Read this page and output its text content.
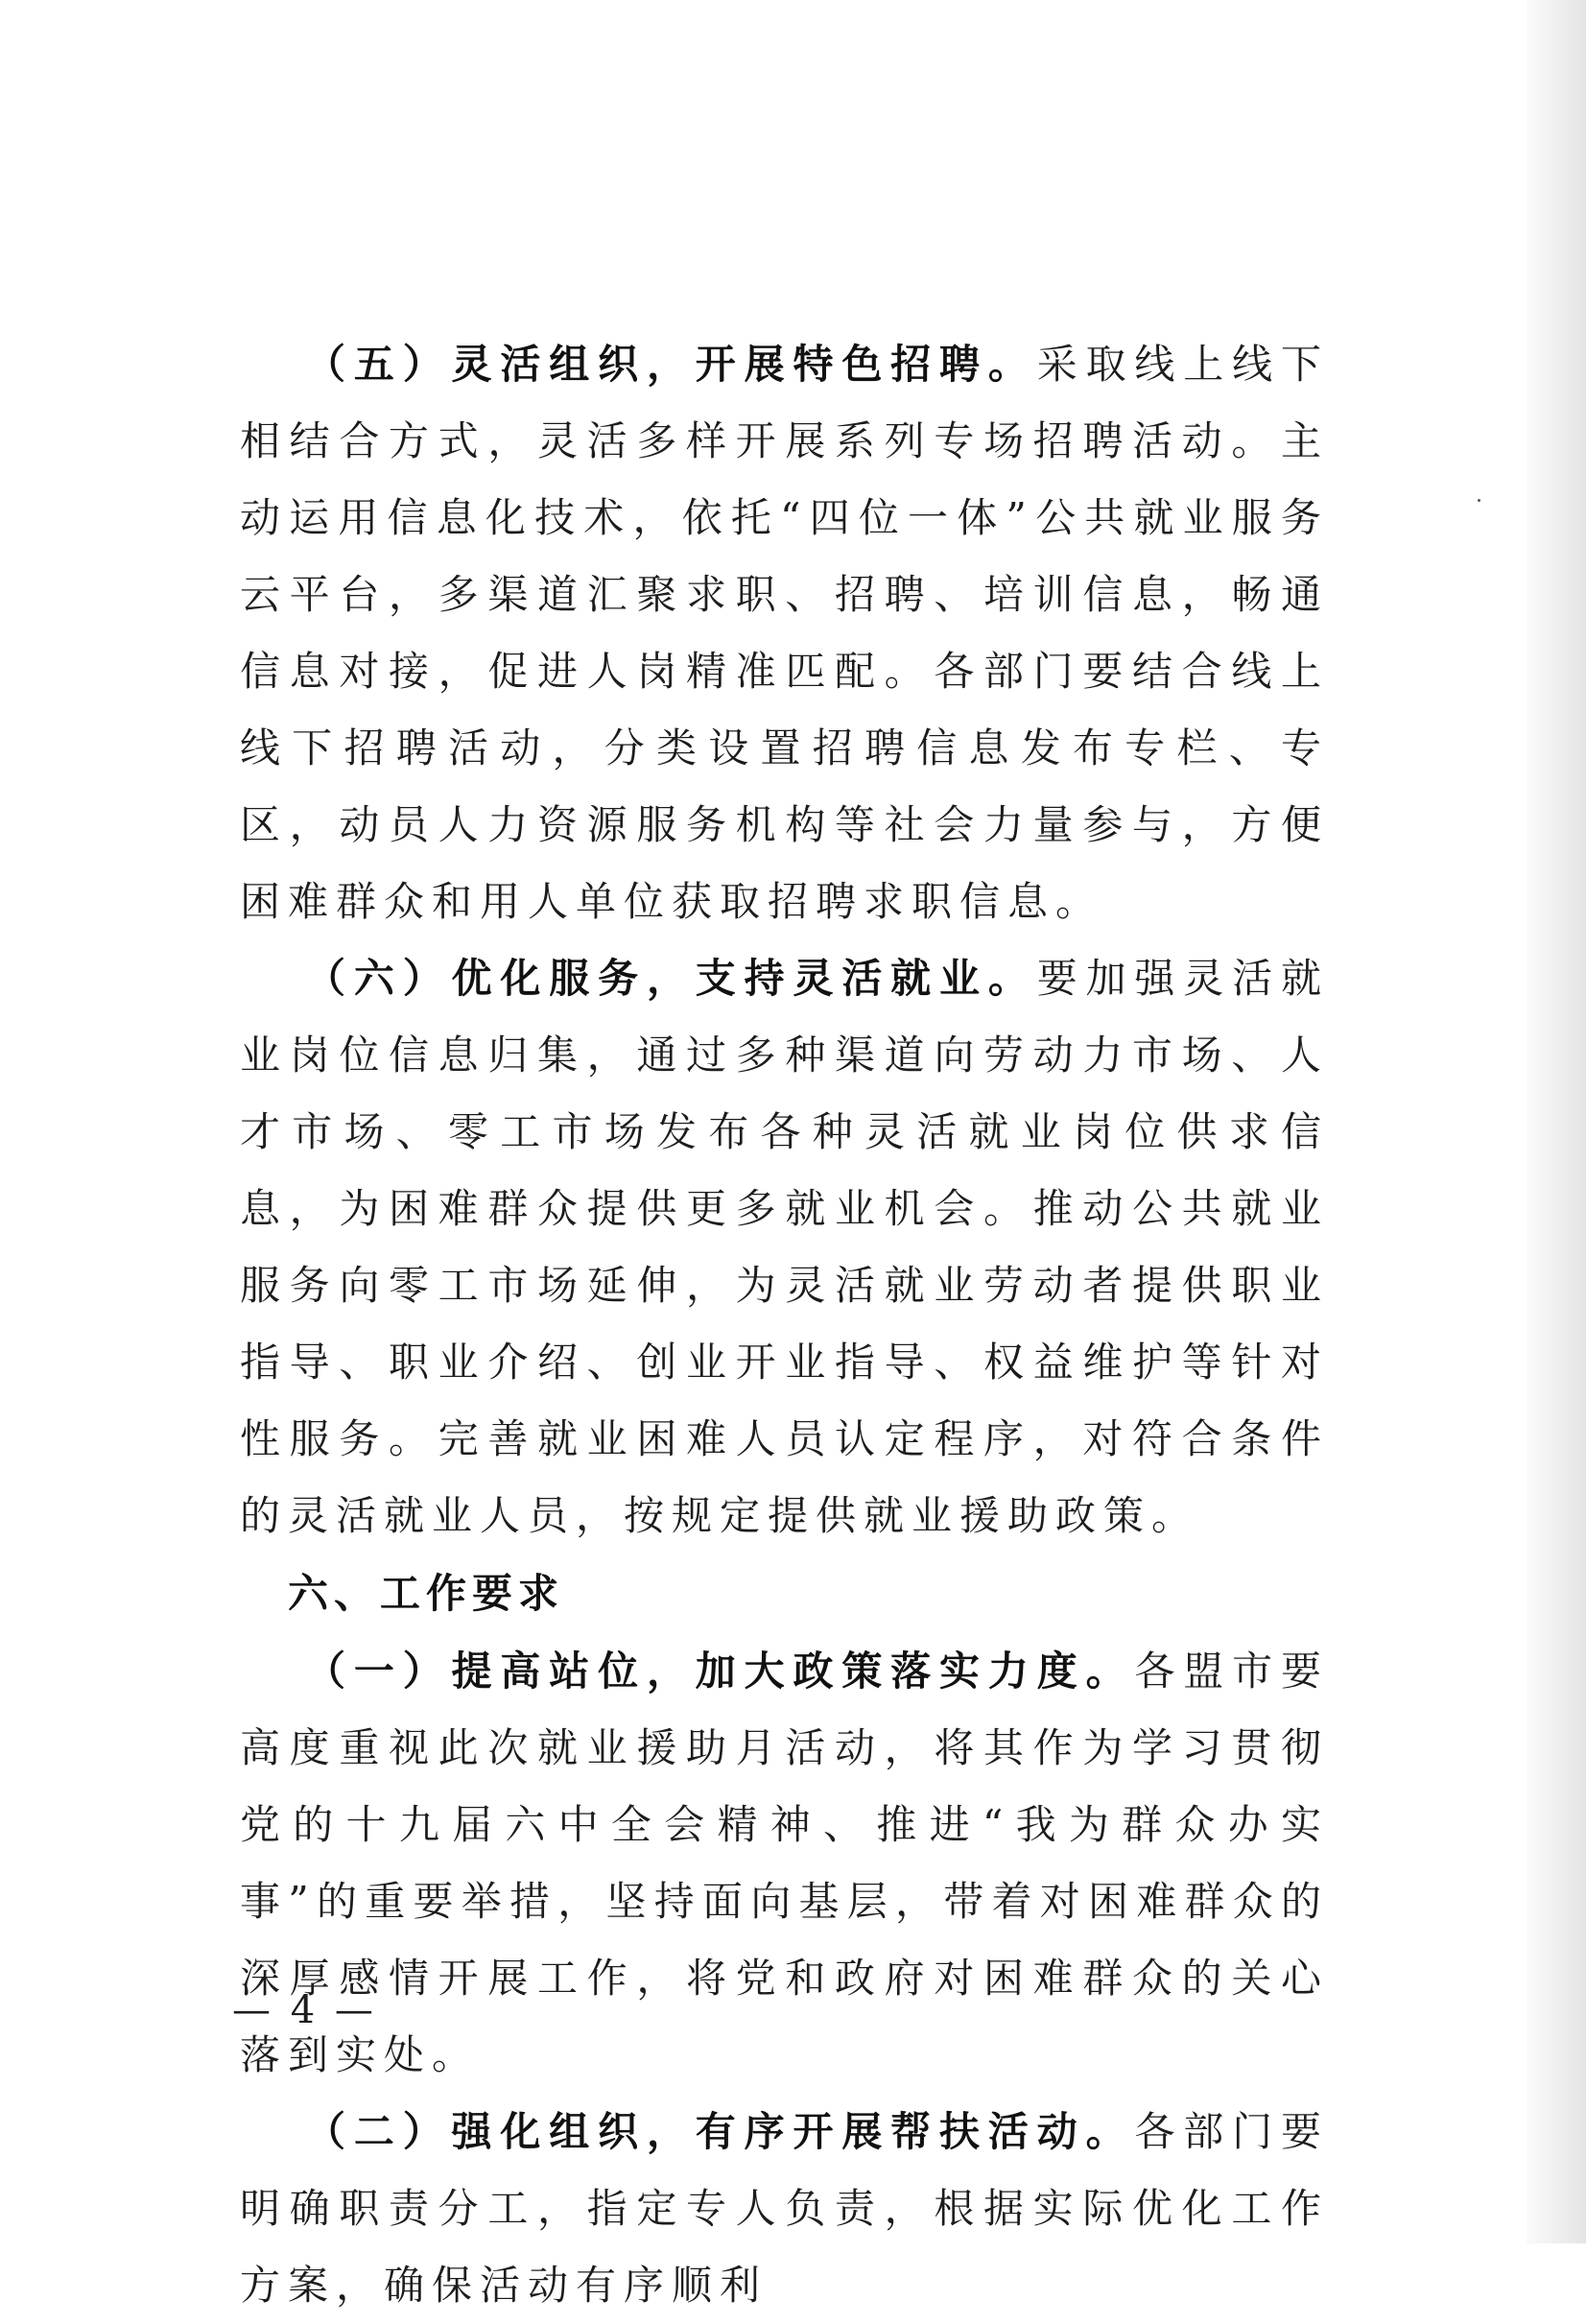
（五）灵活组织，开展特色招聘。采取线上线下相结合方式，灵活多样开展系列专场招聘活动。主动运用信息化技术，依托“四位一体”公共就业服务云平台，多渠道汇聚求职、招聘、培训信息，畅通信息对接，促进人岗精准匹配。各部门要结合线上线下招聘活动，分类设置招聘信息发布专栏、专区，动员人力资源服务机构等社会力量参与，方便困难群众和用人单位获取招聘求职信息。

（六）优化服务，支持灵活就业。要加强灵活就业岗位信息归集，通过多种渠道向劳动力市场、人才市场、零工市场发布各种灵活就业岗位供求信息，为困难群众提供更多就业机会。推动公共就业服务向零工市场延伸，为灵活就业劳动者提供职业指导、职业介绍、创业开业指导、权益维护等针对性服务。完善就业困难人员认定程序，对符合条件的灵活就业人员，按规定提供就业援助政策。

六、工作要求

（一）提高站位，加大政策落实力度。各盟市要高度重视此次就业援助月活动，将其作为学习贯彻党的十九届六中全会精神、推进“我为群众办实事”的重要举措，坚持面向基层，带着对困难群众的深厚感情开展工作，将党和政府对困难群众的关心落到实处。

（二）强化组织，有序开展帮扶活动。各部门要明确职责分工，指定专人负责，根据实际优化工作方案，确保活动有序顺利

— 4 —
